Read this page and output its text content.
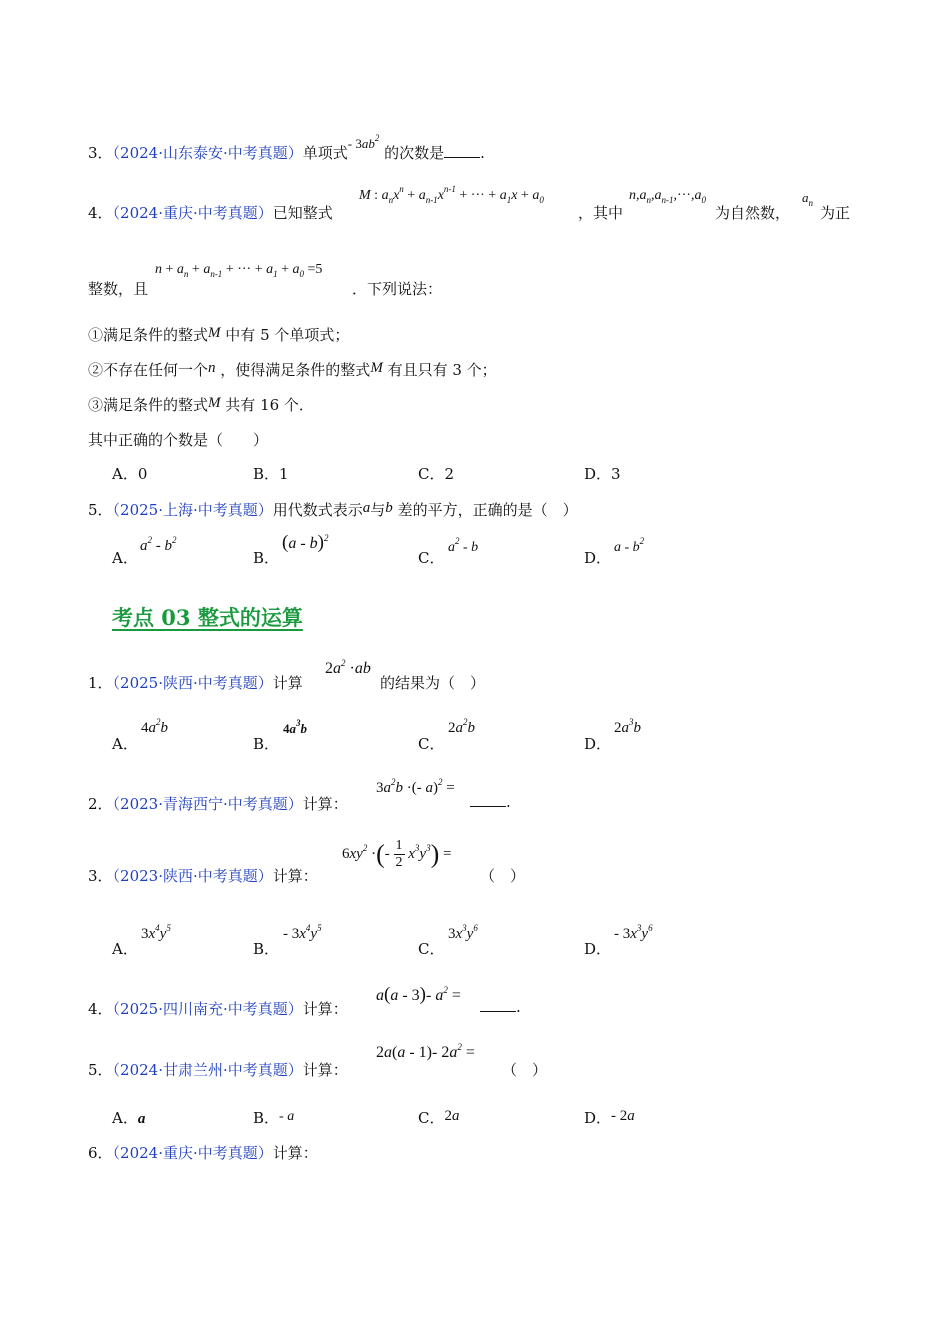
3．（2024·山东泰安·中考真题）单项式- $3ab^2$ 的次数是 .
4．（2024·重庆·中考真题）已知整式
M : $a_nx^n + a_{n-1}x^{n-1}$ + ··· + $a_1x + a_0$
，其中
$n,a_n,a_{n-1},\cdot\cdot\cdot,a_0$
为自然数，
$a_n$
为正
整数，且
$n + a_n + a_{n-1}$ + ··· + $a_1 + a_0 =5$
．下列说法：
①满足条件的整式M 中有 5 个单项式；
②不存在任何一个n ，使得满足条件的整式M 有且只有 3 个；
③满足条件的整式M 共有 16 个．
其中正确的个数是（　　）
A．0	B．1	C．2	D．3
5．（2025·上海·中考真题）用代数式表示a与b 差的平方，正确的是（　）
A．
$a^2 - b^2$
B．
(a - b)$^2$
C．
$a^2$ - b
D．
a - $b^2$
考点 03 整式的运算
1．（2025·陕西·中考真题）计算
$2a^2 \cdot ab$
的结果为（　）
A．
$4a^2b$
B．
$4a^3b$
C．
$2a^2b$
D．
$2a^3b$
2．（2023·青海西宁·中考真题）计算：
$3a^2b$ ·(- a)$^2$ =
.
3．（2023·陕西·中考真题）计算：
$6xy^2$ ·(- $\frac{1}{2} x^3y^3$) =
（　）
A．
$3x^4y^5$
B．
- $3x^4y^5$
C．
$3x^3y^6$
D．
- $3x^3y^6$
4．（2025·四川南充·中考真题）计算：
a(a - 3)- $a^2$ =
.
5．（2024·甘肃兰州·中考真题）计算：
2a(a - 1)- $2a^2$ =
（　）
A．a	B．- a	C．2a	D．- 2a
6．（2024·重庆·中考真题）计算：
